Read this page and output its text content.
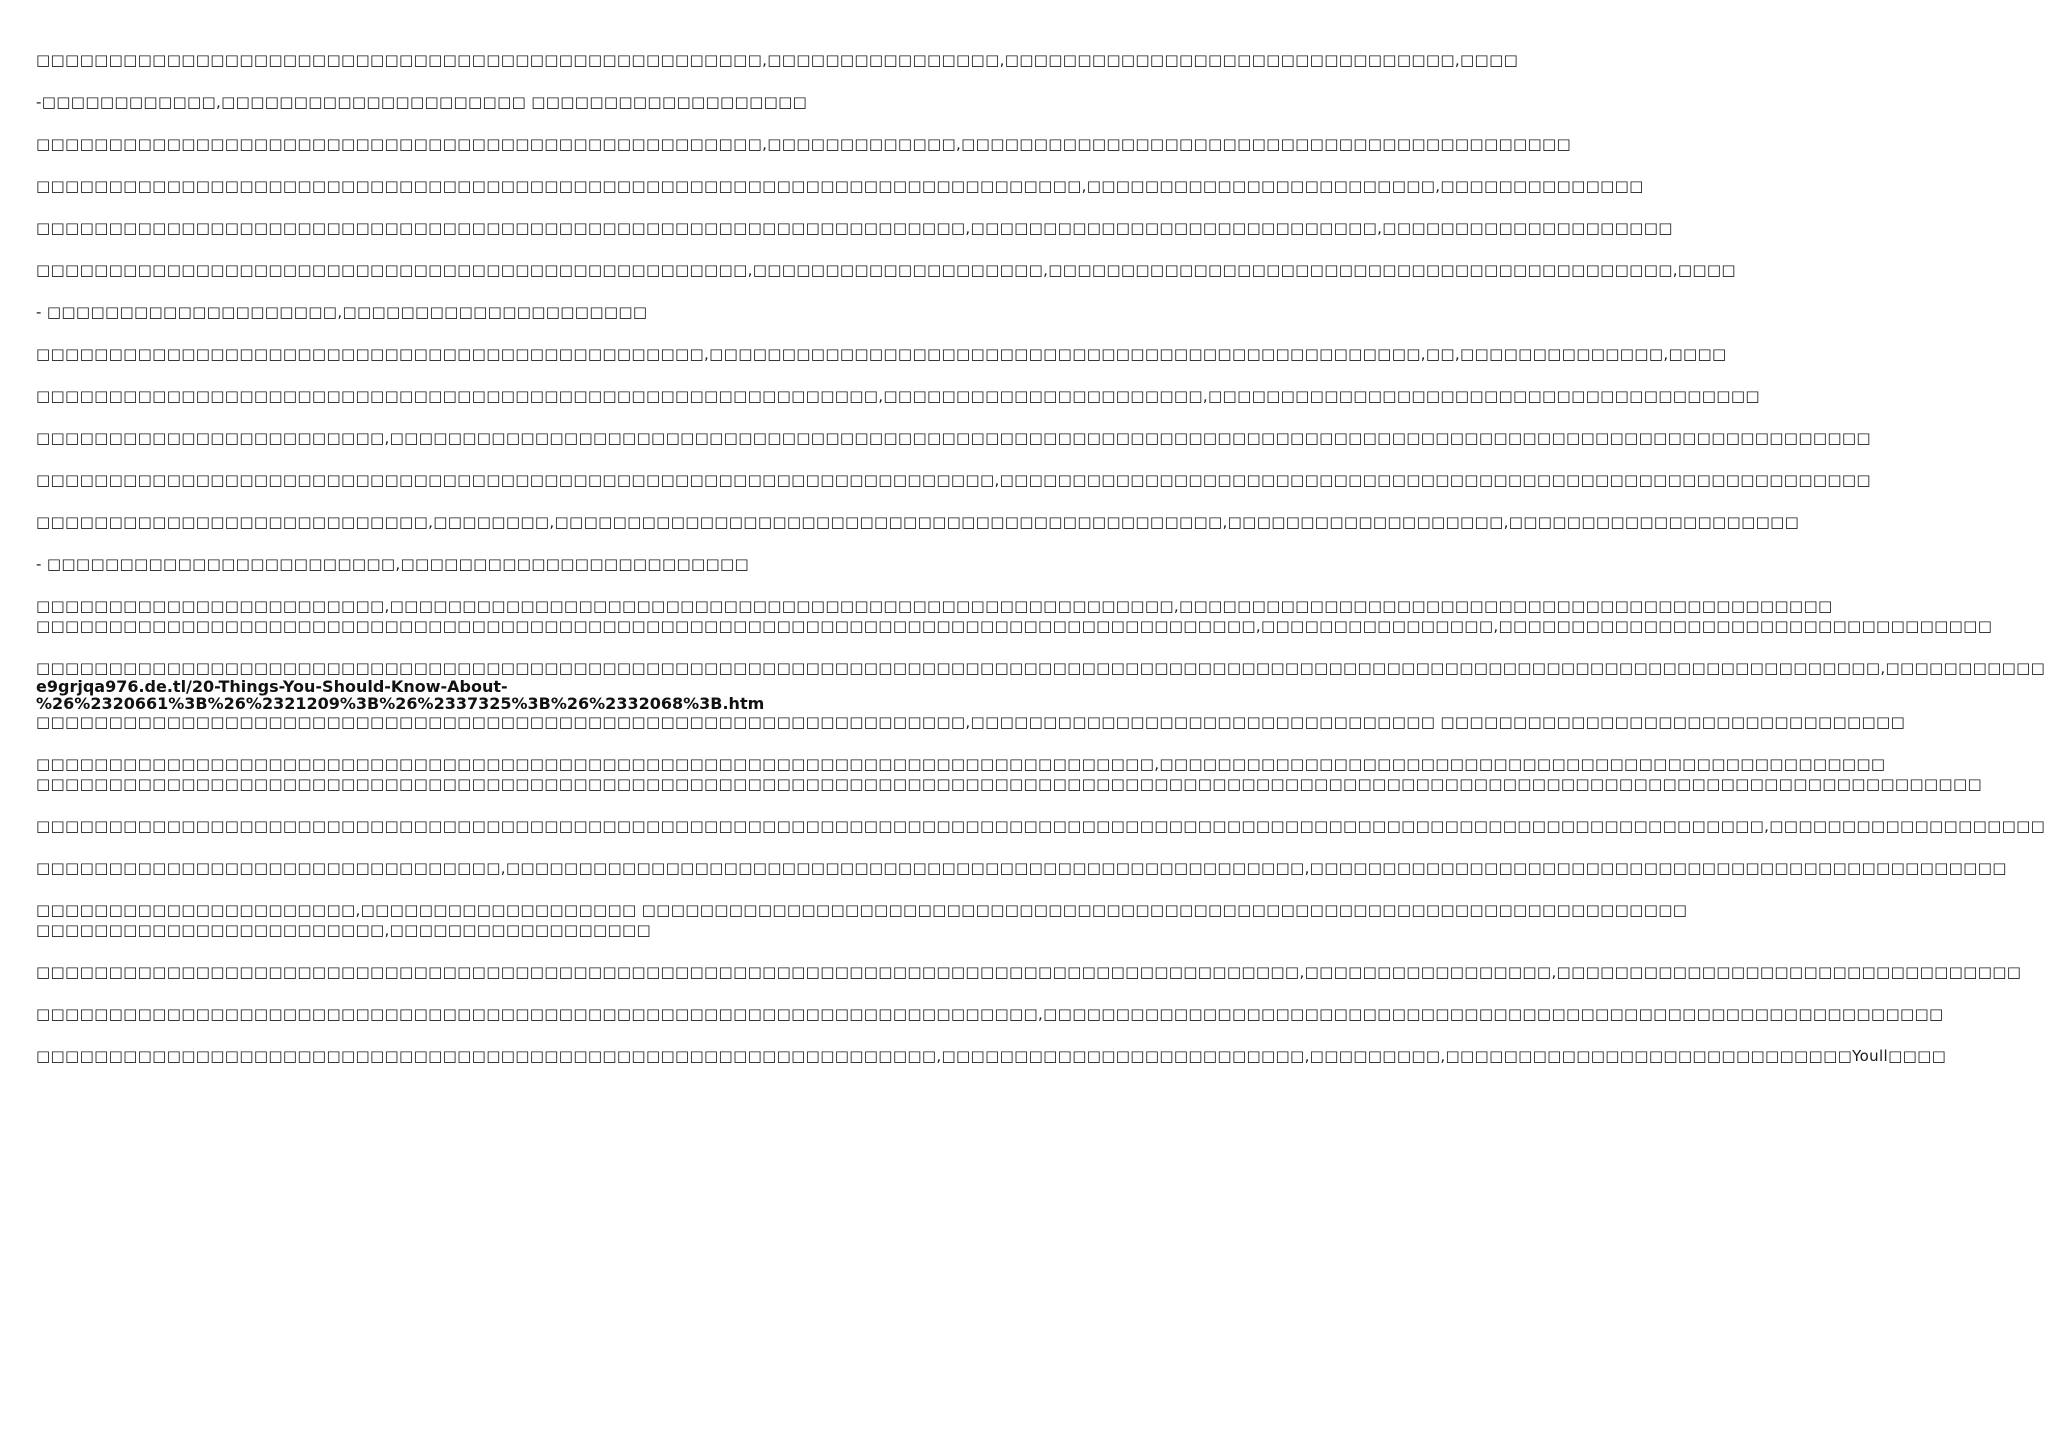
□□□□□□□□□□□□□□□□□□□□□□□□□□□□□□□□□□□□□□□□□□□□□□□□□□,□□□□□□□□□□□□□□□□,□□□□□□□□□□□□□□□□□□□□□□□□□□□□□□□,□□□□

-□□□□□□□□□□□□,□□□□□□□□□□□□□□□□□□□□□ □□□□□□□□□□□□□□□□□□□

□□□□□□□□□□□□□□□□□□□□□□□□□□□□□□□□□□□□□□□□□□□□□□□□□□,□□□□□□□□□□□□□,□□□□□□□□□□□□□□□□□□□□□□□□□□□□□□□□□□□□□□□□□□

□□□□□□□□□□□□□□□□□□□□□□□□□□□□□□□□□□□□□□□□□□□□□□□□□□□□□□□□□□□□□□□□□□□□□□□□,□□□□□□□□□□□□□□□□□□□□□□□□,□□□□□□□□□□□□□□

□□□□□□□□□□□□□□□□□□□□□□□□□□□□□□□□□□□□□□□□□□□□□□□□□□□□□□□□□□□□□□□□,□□□□□□□□□□□□□□□□□□□□□□□□□□□□,□□□□□□□□□□□□□□□□□□□□

□□□□□□□□□□□□□□□□□□□□□□□□□□□□□□□□□□□□□□□□□□□□□□□□□,□□□□□□□□□□□□□□□□□□□□,□□□□□□□□□□□□□□□□□□□□□□□□□□□□□□□□□□□□□□□□□□□,□□□□

- □□□□□□□□□□□□□□□□□□□□,□□□□□□□□□□□□□□□□□□□□□

□□□□□□□□□□□□□□□□□□□□□□□□□□□□□□□□□□□□□□□□□□□□□□,□□□□□□□□□□□□□□□□□□□□□□□□□□□□□□□□□□□□□□□□□□□□□□□□□,□□,□□□□□□□□□□□□□□,□□□□

□□□□□□□□□□□□□□□□□□□□□□□□□□□□□□□□□□□□□□□□□□□□□□□□□□□□□□□□□□,□□□□□□□□□□□□□□□□□□□□□□,□□□□□□□□□□□□□□□□□□□□□□□□□□□□□□□□□□□□□□

□□□□□□□□□□□□□□□□□□□□□□□□,□□□□□□□□□□□□□□□□□□□□□□□□□□□□□□□□□□□□□□□□□□□□□□□□□□□□□□□□□□□□□□□□□□□□□□□□□□□□□□□□□□□□□□□□□□□□□□□□□□□□□□

□□□□□□□□□□□□□□□□□□□□□□□□□□□□□□□□□□□□□□□□□□□□□□□□□□□□□□□□□□□□□□□□□□,□□□□□□□□□□□□□□□□□□□□□□□□□□□□□□□□□□□□□□□□□□□□□□□□□□□□□□□□□□□□

□□□□□□□□□□□□□□□□□□□□□□□□□□□,□□□□□□□□,□□□□□□□□□□□□□□□□□□□□□□□□□□□□□□□□□□□□□□□□□□□□□□,□□□□□□□□□□□□□□□□□□□,□□□□□□□□□□□□□□□□□□□□

- □□□□□□□□□□□□□□□□□□□□□□□□,□□□□□□□□□□□□□□□□□□□□□□□□

□□□□□□□□□□□□□□□□□□□□□□□□,□□□□□□□□□□□□□□□□□□□□□□□□□□□□□□□□□□□□□□□□□□□□□□□□□□□□□□,□□□□□□□□□□□□□□□□□□□□□□□□□□□□□□□□□□□□□□□□□□□□□
□□□□□□□□□□□□□□□□□□□□□□□□□□□□□□□□□□□□□□□□□□□□□□□□□□□□□□□□□□□□□□□□□□□□□□□□□□□□□□□□□□□□,□□□□□□□□□□□□□□□□,□□□□□□□□□□□□□□□□□□□□□□□□□□□□□□□□□□

□□□□□□□□□□□□□□□□□□□□□□□□□□□□□□□□□□□□□□□□□□□□□□□□□□□□□□□□□□□□□□□□□□□□□□□□□□□□□□□□□□□□□□□□□□□□□□□□□□□□□□□□□□□□□□□□□□□□□□□□□□□□□□□,□□□□□□□□□□□
e9grjqa976.de.tl/20-Things-You-Should-Know-About-
%26%2320661%3B%26%2321209%3B%26%2337325%3B%26%2332068%3B.htm
□□□□□□□□□□□□□□□□□□□□□□□□□□□□□□□□□□□□□□□□□□□□□□□□□□□□□□□□□□□□□□□□,□□□□□□□□□□□□□□□□□□□□□□□□□□□□□□□□ □□□□□□□□□□□□□□□□□□□□□□□□□□□□□□□□

□□□□□□□□□□□□□□□□□□□□□□□□□□□□□□□□□□□□□□□□□□□□□□□□□□□□□□□□□□□□□□□□□□□□□□□□□□□□□,□□□□□□□□□□□□□□□□□□□□□□□□□□□□□□□□□□□□□□□□□□□□□□□□□□
□□□□□□□□□□□□□□□□□□□□□□□□□□□□□□□□□□□□□□□□□□□□□□□□□□□□□□□□□□□□□□□□□□□□□□□□□□□□□□□□□□□□□□□□□□□□□□□□□□□□□□□□□□□□□□□□□□□□□□□□□□□□□□□□□□□□□□

□□□□□□□□□□□□□□□□□□□□□□□□□□□□□□□□□□□□□□□□□□□□□□□□□□□□□□□□□□□□□□□□□□□□□□□□□□□□□□□□□□□□□□□□□□□□□□□□□□□□□□□□□□□□□□□□□□□□□□□,□□□□□□□□□□□□□□□□□□□

□□□□□□□□□□□□□□□□□□□□□□□□□□□□□□□□,□□□□□□□□□□□□□□□□□□□□□□□□□□□□□□□□□□□□□□□□□□□□□□□□□□□□□□□,□□□□□□□□□□□□□□□□□□□□□□□□□□□□□□□□□□□□□□□□□□□□□□□□

□□□□□□□□□□□□□□□□□□□□□□,□□□□□□□□□□□□□□□□□□□ □□□□□□□□□□□□□□□□□□□□□□□□□□□□□□□□□□□□□□□□□□□□□□□□□□□□□□□□□□□□□□□□□□□□□□□□
□□□□□□□□□□□□□□□□□□□□□□□□,□□□□□□□□□□□□□□□□□□

□□□□□□□□□□□□□□□□□□□□□□□□□□□□□□□□□□□□□□□□□□□□□□□□□□□□□□□□□□□□□□□□□□□□□□□□□□□□□□□□□□□□□□□,□□□□□□□□□□□□□□□□□,□□□□□□□□□□□□□□□□□□□□□□□□□□□□□□□□

□□□□□□□□□□□□□□□□□□□□□□□□□□□□□□□□□□□□□□□□□□□□□□□□□□□□□□□□□□□□□□□□□□□□□,□□□□□□□□□□□□□□□□□□□□□□□□□□□□□□□□□□□□□□□□□□□□□□□□□□□□□□□□□□□□□□

□□□□□□□□□□□□□□□□□□□□□□□□□□□□□□□□□□□□□□□□□□□□□□□□□□□□□□□□□□□□□□,□□□□□□□□□□□□□□□□□□□□□□□□□,□□□□□□□□□,□□□□□□□□□□□□□□□□□□□□□□□□□□□□Youll□□□□
